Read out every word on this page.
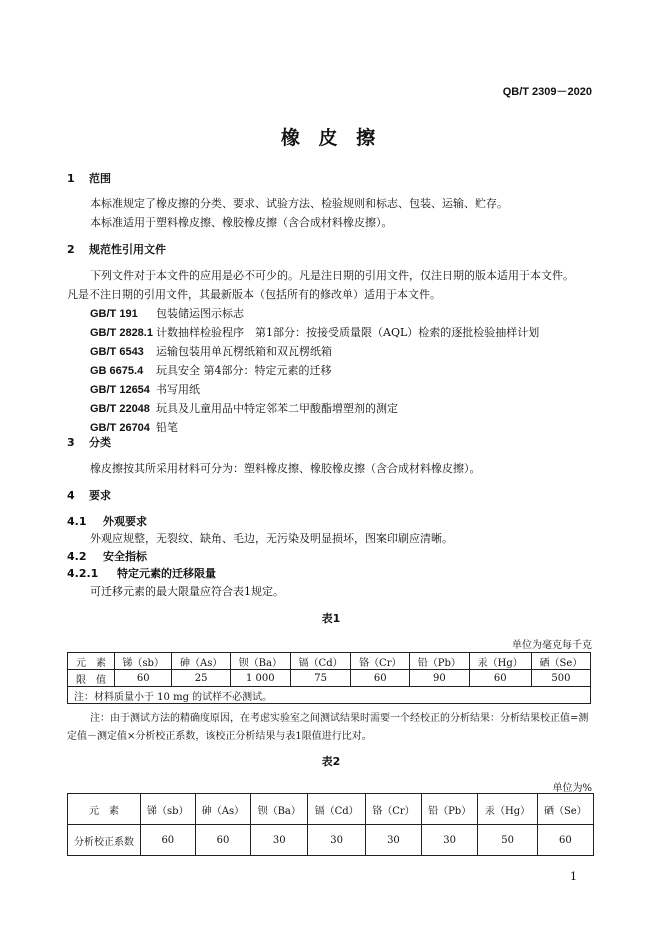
QB/T 2309－2020
橡 皮 擦
1 范围
本标准规定了橡皮擦的分类、要求、试验方法、检验规则和标志、包装、运输、贮存。
本标准适用于塑料橡皮擦、橡胶橡皮擦（含合成材料橡皮擦）。
2 规范性引用文件
下列文件对于本文件的应用是必不可少的。凡是注日期的引用文件，仅注日期的版本适用于本文件。
凡是不注日期的引用文件，其最新版本（包括所有的修改单）适用于本文件。
GB/T 191 包装储运图示标志
GB/T 2828.1 计数抽样检验程序　第1部分：按接受质量限（AQL）检索的逐批检验抽样计划
GB/T 6543 运输包装用单瓦楞纸箱和双瓦楞纸箱
GB 6675.4 玩具安全 第4部分：特定元素的迁移
GB/T 12654 书写用纸
GB/T 22048 玩具及儿童用品中特定邻苯二甲酸酯增塑剂的测定
GB/T 26704 铅笔
3 分类
橡皮擦按其所采用材料可分为：塑料橡皮擦、橡胶橡皮擦（含合成材料橡皮擦）。
4 要求
4.1 外观要求
外观应规整，无裂纹、缺角、毛边，无污染及明显损坏，图案印刷应清晰。
4.2 安全指标
4.2.1 特定元素的迁移限量
可迁移元素的最大限量应符合表1规定。
表1
单位为毫克每千克
元　素	锑（sb）	砷（As）	钡（Ba）	镉（Cd）	铬（Cr）	铅（Pb）	汞（Hg）	硒（Se）
限　值	60	25	1 000	75	60	90	60	500
注：材料质量小于 10 mg 的试样不必测试。								
注：由于测试方法的精确度原因，在考虑实验室之间测试结果时需要一个经校正的分析结果：分析结果校正值=测
定值－测定值×分析校正系数，该校正分析结果与表1限值进行比对。
表2
单位为%
元　素	锑（sb）	砷（As）	钡（Ba）	镉（Cd）	铬（Cr）	铅（Pb）	汞（Hg）	硒（Se）
分析校正系数	60	60	30	30	30	30	50	60
1
